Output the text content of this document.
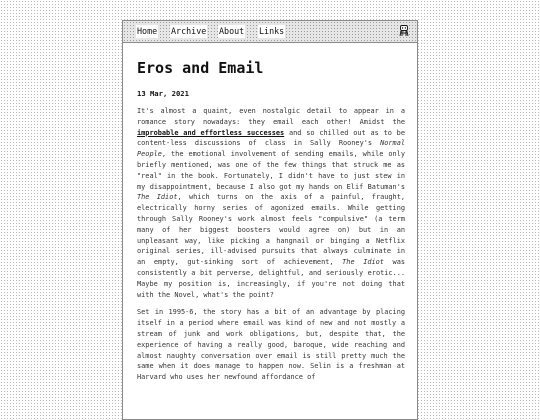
Home Archive About Links
Eros and Email

13 Mar, 2021

It's almost a quaint, even nostalgic detail to appear in a romance story nowadays: they email each other! Amidst the improbable and effortless successes and so chilled out as to be content-less discussions of class in Sally Rooney's Normal People, the emotional involvement of sending emails, while only briefly mentioned, was one of the few things that struck me as "real" in the book. Fortunately, I didn't have to just stew in my disappointment, because I also got my hands on Elif Batuman's The Idiot, which turns on the axis of a painful, fraught, electrically horny series of agonized emails. While getting through Sally Rooney's work almost feels "compulsive" (a term many of her biggest boosters would agree on) but in an unpleasant way, like picking a hangnail or binging a Netflix original series, ill-advised pursuits that always culminate in an empty, gut-sinking sort of achievement, The Idiot was consistently a bit perverse, delightful, and seriously erotic... Maybe my position is, increasingly, if you're not doing that with the Novel, what's the point?

Set in 1995-6, the story has a bit of an advantage by placing itself in a period where email was kind of new and not mostly a stream of junk and work obligations, but, despite that, the experience of having a really good, baroque, wide reaching and almost naughty conversation over email is still pretty much the same when it does manage to happen now. Selin is a freshman at Harvard who uses her newfound affordance of
